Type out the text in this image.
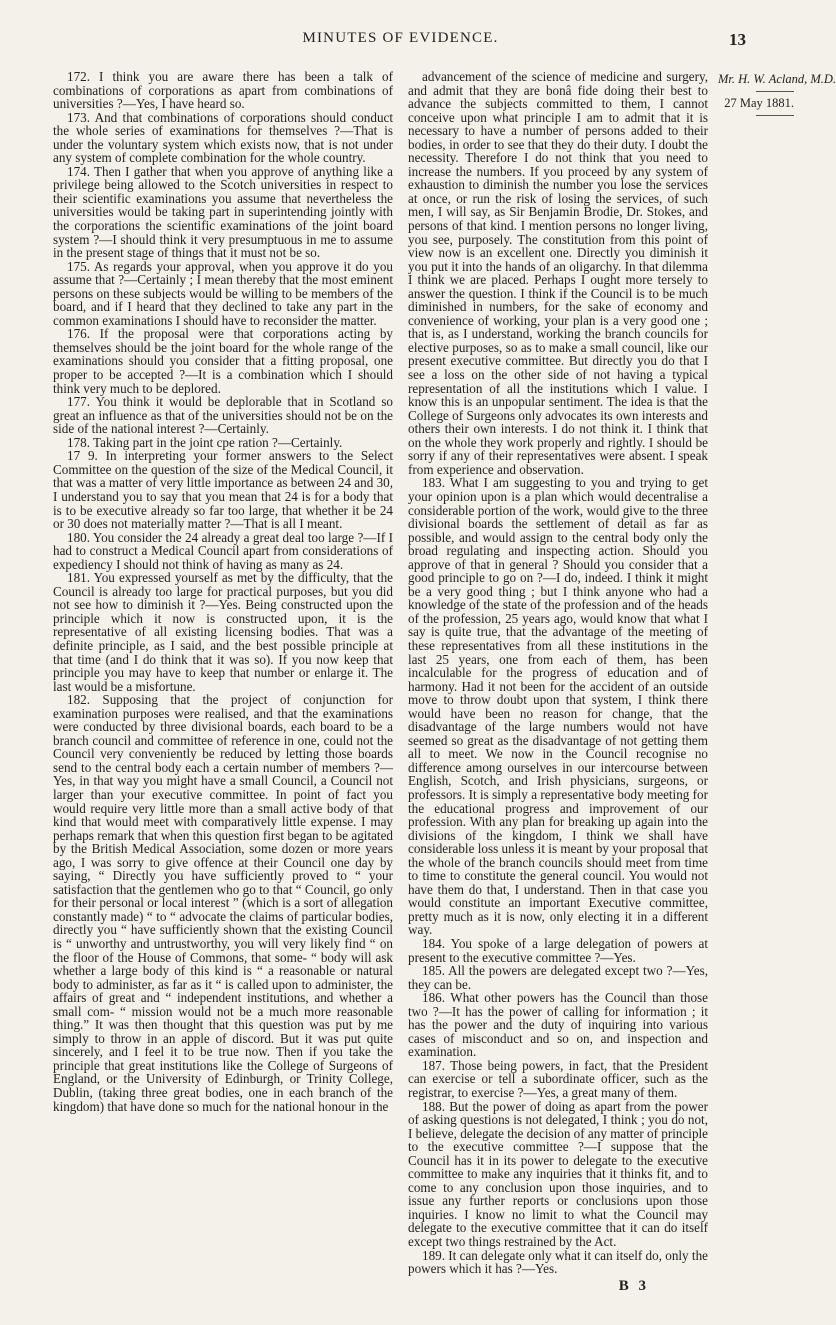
MINUTES OF EVIDENCE.	13

172. I think you are aware there has been a talk of combinations of corporations as apart from combinations of universities ?—Yes, I have heard so.

173. And that combinations of corporations should conduct the whole series of examinations for themselves ?—That is under the voluntary system which exists now, that is not under any system of complete combination for the whole country.

174. Then I gather that when you approve of anything like a privilege being allowed to the Scotch universities in respect to their scientific examinations you assume that nevertheless the universities would be taking part in superintending jointly with the corporations the scientific examinations of the joint board system ?—I should think it very presumptuous in me to assume in the present stage of things that it must not be so.

175. As regards your approval, when you approve it do you assume that ?—Certainly ; I mean thereby that the most eminent persons on these subjects would be willing to be members of the board, and if I heard that they declined to take any part in the common examinations I should have to reconsider the matter.

176. If the proposal were that corporations acting by themselves should be the joint board for the whole range of the examinations should you consider that a fitting proposal, one proper to be accepted ?—It is a combination which I should think very much to be deplored.

177. You think it would be deplorable that in Scotland so great an influence as that of the universities should not be on the side of the national interest ?—Certainly.

178. Taking part in the joint cpe ration ?—Certainly.

17 9. In interpreting your former answers to the Select Committee on the question of the size of the Medical Council, it that was a matter of very little importance as between 24 and 30, I understand you to say that you mean that 24 is for a body that is to be executive already so far too large, that whether it be 24 or 30 does not materially matter ?—That is all I meant.

180. You consider the 24 already a great deal too large ?—If I had to construct a Medical Council apart from considerations of expediency I should not think of having as many as 24.

181. You expressed yourself as met by the difficulty, that the Council is already too large for practical purposes, but you did not see how to diminish it ?—Yes. Being constructed upon the principle which it now is constructed upon, it is the representative of all existing licensing bodies. That was a definite principle, as I said, and the best possible principle at that time (and I do think that it was so). If you now keep that principle you may have to keep that number or enlarge it. The last would be a misfortune.

182. Supposing that the project of conjunction for examination purposes were realised, and that the examinations were conducted by three divisional boards, each board to be a branch council and committee of reference in one, could not the Council very conveniently be reduced by letting those boards send to the central body each a certain number of members ?—Yes, in that way you might have a small Council, a Council not larger than your executive committee. In point of fact you would require very little more than a small active body of that kind that would meet with comparatively little expense. I may perhaps remark that when this question first began to be agitated by the British Medical Association, some dozen or more years ago, I was sorry to give offence at their Council one day by saying, “ Directly you have sufficiently proved to “ your satisfaction that the gentlemen who go to that “ Council, go only for their personal or local interest ” (which is a sort of allegation constantly made) “ to “ advocate the claims of particular bodies, directly you “ have sufficiently shown that the existing Council is “ unworthy and untrustworthy, you will very likely find “ on the floor of the House of Commons, that some- “ body will ask whether a large body of this kind is “ a reasonable or natural body to administer, as far as it “ is called upon to administer, the affairs of great and “ independent institutions, and whether a small com- “ mission would not be a much more reasonable thing.” It was then thought that this question was put by me simply to throw in an apple of discord. But it was put quite sincerely, and I feel it to be true now. Then if you take the principle that great institutions like the College of Surgeons of England, or the University of Edinburgh, or Trinity College, Dublin, (taking three great bodies, one in each branch of the kingdom) that have done so much for the national honour in the

advancement of the science of medicine and surgery, and admit that they are bonâ fide doing their best to advance the subjects committed to them, I cannot conceive upon what principle I am to admit that it is necessary to have a number of persons added to their bodies, in order to see that they do their duty. I doubt the necessity. Therefore I do not think that you need to increase the numbers. If you proceed by any system of exhaustion to diminish the number you lose the services at once, or run the risk of losing the services, of such men, I will say, as Sir Benjamin Brodie, Dr. Stokes, and persons of that kind. I mention persons no longer living, you see, purposely. The constitution from this point of view now is an excellent one. Directly you diminish it you put it into the hands of an oligarchy. In that dilemma I think we are placed. Perhaps I ought more tersely to answer the question. I think if the Council is to be much diminished in numbers, for the sake of economy and convenience of working, your plan is a very good one ; that is, as I understand, working the branch councils for elective purposes, so as to make a small council, like our present executive committee. But directly you do that I see a loss on the other side of not having a typical representation of all the institutions which I value. I know this is an unpopular sentiment. The idea is that the College of Surgeons only advocates its own interests and others their own interests. I do not think it. I think that on the whole they work properly and rightly. I should be sorry if any of their representatives were absent. I speak from experience and observation.

183. What I am suggesting to you and trying to get your opinion upon is a plan which would decentralise a considerable portion of the work, would give to the three divisional boards the settlement of detail as far as possible, and would assign to the central body only the broad regulating and inspecting action. Should you approve of that in general ? Should you consider that a good principle to go on ?—I do, indeed. I think it might be a very good thing ; but I think anyone who had a knowledge of the state of the profession and of the heads of the profession, 25 years ago, would know that what I say is quite true, that the advantage of the meeting of these representatives from all these institutions in the last 25 years, one from each of them, has been incalculable for the progress of education and of harmony. Had it not been for the accident of an outside move to throw doubt upon that system, I think there would have been no reason for change, that the disadvantage of the large numbers would not have seemed so great as the disadvantage of not getting them all to meet. We now in the Council recognise no difference among ourselves in our intercourse between English, Scotch, and Irish physicians, surgeons, or professors. It is simply a representative body meeting for the educational progress and improvement of our profession. With any plan for breaking up again into the divisions of the kingdom, I think we shall have considerable loss unless it is meant by your proposal that the whole of the branch councils should meet from time to time to constitute the general council. You would not have them do that, I understand. Then in that case you would constitute an important Executive committee, pretty much as it is now, only electing it in a different way.

184. You spoke of a large delegation of powers at present to the executive committee ?—Yes.

185. All the powers are delegated except two ?—Yes, they can be.

186. What other powers has the Council than those two ?—It has the power of calling for information ; it has the power and the duty of inquiring into various cases of misconduct and so on, and inspection and examination.

187. Those being powers, in fact, that the President can exercise or tell a subordinate officer, such as the registrar, to exercise ?—Yes, a great many of them.

188. But the power of doing as apart from the power of asking questions is not delegated, I think ; you do not, I believe, delegate the decision of any matter of principle to the executive committee ?—I suppose that the Council has it in its power to delegate to the executive committee to make any inquiries that it thinks fit, and to come to any conclusion upon those inquiries, and to issue any further reports or conclusions upon those inquiries. I know no limit to what the Council may delegate to the executive committee that it can do itself except two things restrained by the Act.

189. It can delegate only what it can itself do, only the powers which it has ?—Yes.

Mr. H. W. Acland, M.D.
27 May 1881.
B 3
